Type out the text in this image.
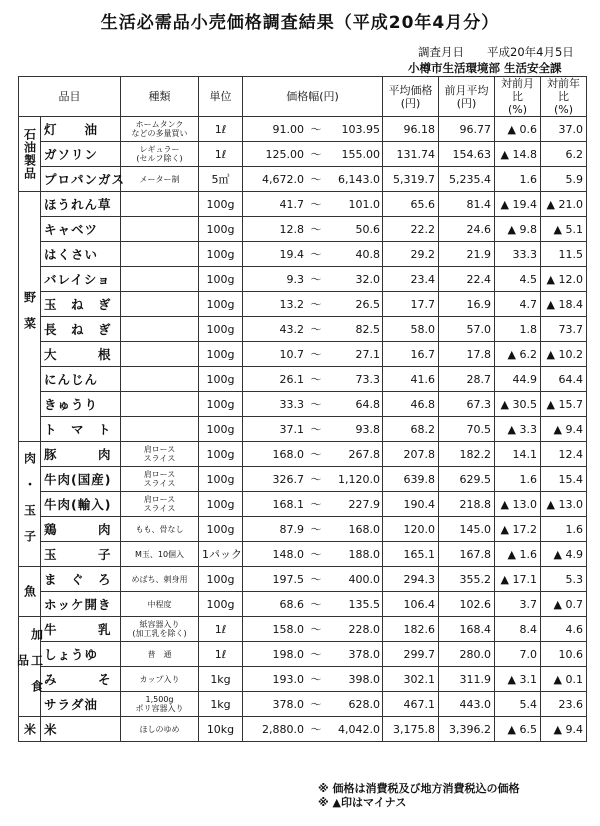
生活必需品小売価格調査結果（平成20年4月分）
調査月日　　平成20年4月5日
小樽市生活環境部 生活安全課
品目		種類	単位	価格幅(円)	平均価格
(円)	前月平均
(円)	対前月比
(%)	対前年比
(%)
石油製品	灯　　油	ホームタンク
などの多量買い	1ℓ	91.00 ～ 103.95	96.18	96.77	▲ 0.6	37.0
	ガソリン	レギュラー
(セルフ除く)	1ℓ	125.00 ～ 155.00	131.74	154.63	▲ 14.8	6.2
	プロパンガス	メーター制	5㎥	4,672.0 ～ 6,143.0	5,319.7	5,235.4	1.6	5.9
野菜	ほうれん草		100g	41.7 ～ 101.0	65.6	81.4	▲ 19.4	▲ 21.0
	キャベツ		100g	12.8 ～ 50.6	22.2	24.6	▲ 9.8	▲ 5.1
	はくさい		100g	19.4 ～ 40.8	29.2	21.9	33.3	11.5
	バレイショ		100g	9.3 ～ 32.0	23.4	22.4	4.5	▲ 12.0
	玉　ね　ぎ		100g	13.2 ～ 26.5	17.7	16.9	4.7	▲ 18.4
	長　ね　ぎ		100g	43.2 ～ 82.5	58.0	57.0	1.8	73.7
	大　　　根		100g	10.7 ～ 27.1	16.7	17.8	▲ 6.2	▲ 10.2
	にんじん		100g	26.1 ～ 73.3	41.6	28.7	44.9	64.4
	きゅうり		100g	33.3 ～ 64.8	46.8	67.3	▲ 30.5	▲ 15.7
	ト　マ　ト		100g	37.1 ～ 93.8	68.2	70.5	▲ 3.3	▲ 9.4
肉・玉子	豚　　　肉	肩ロース
スライス	100g	168.0 ～ 267.8	207.8	182.2	14.1	12.4
	牛肉(国産)	肩ロース
スライス	100g	326.7 ～ 1,120.0	639.8	629.5	1.6	15.4
	牛肉(輸入)	肩ロース
スライス	100g	168.1 ～ 227.9	190.4	218.8	▲ 13.0	▲ 13.0
	鶏　　　肉	もも、骨なし	100g	87.9 ～ 168.0	120.0	145.0	▲ 17.2	1.6
	玉　　　子	M玉、10個入	1パック	148.0 ～ 188.0	165.1	167.8	▲ 1.6	▲ 4.9
魚	ま　ぐ　ろ	めばち、刺身用	100g	197.5 ～ 400.0	294.3	355.2	▲ 17.1	5.3
	ホッケ開き	中程度	100g	68.6 ～ 135.5	106.4	102.6	3.7	▲ 0.7
加工食品	牛　　　乳	紙容器入り
(加工乳を除く)	1ℓ	158.0 ～ 228.0	182.6	168.4	8.4	4.6
	しょうゆ	普　通	1ℓ	198.0 ～ 378.0	299.7	280.0	7.0	10.6
	み　　　そ	カップ入り	1kg	193.0 ～ 398.0	302.1	311.9	▲ 3.1	▲ 0.1
	サラダ油	1,500g
ポリ容器入り	1kg	378.0 ～ 628.0	467.1	443.0	5.4	23.6
米	米	ほしのゆめ	10kg	2,880.0 ～ 4,042.0	3,175.8	3,396.2	▲ 6.5	▲ 9.4
※ 価格は消費税及び地方消費税込の価格
※ ▲印はマイナス
